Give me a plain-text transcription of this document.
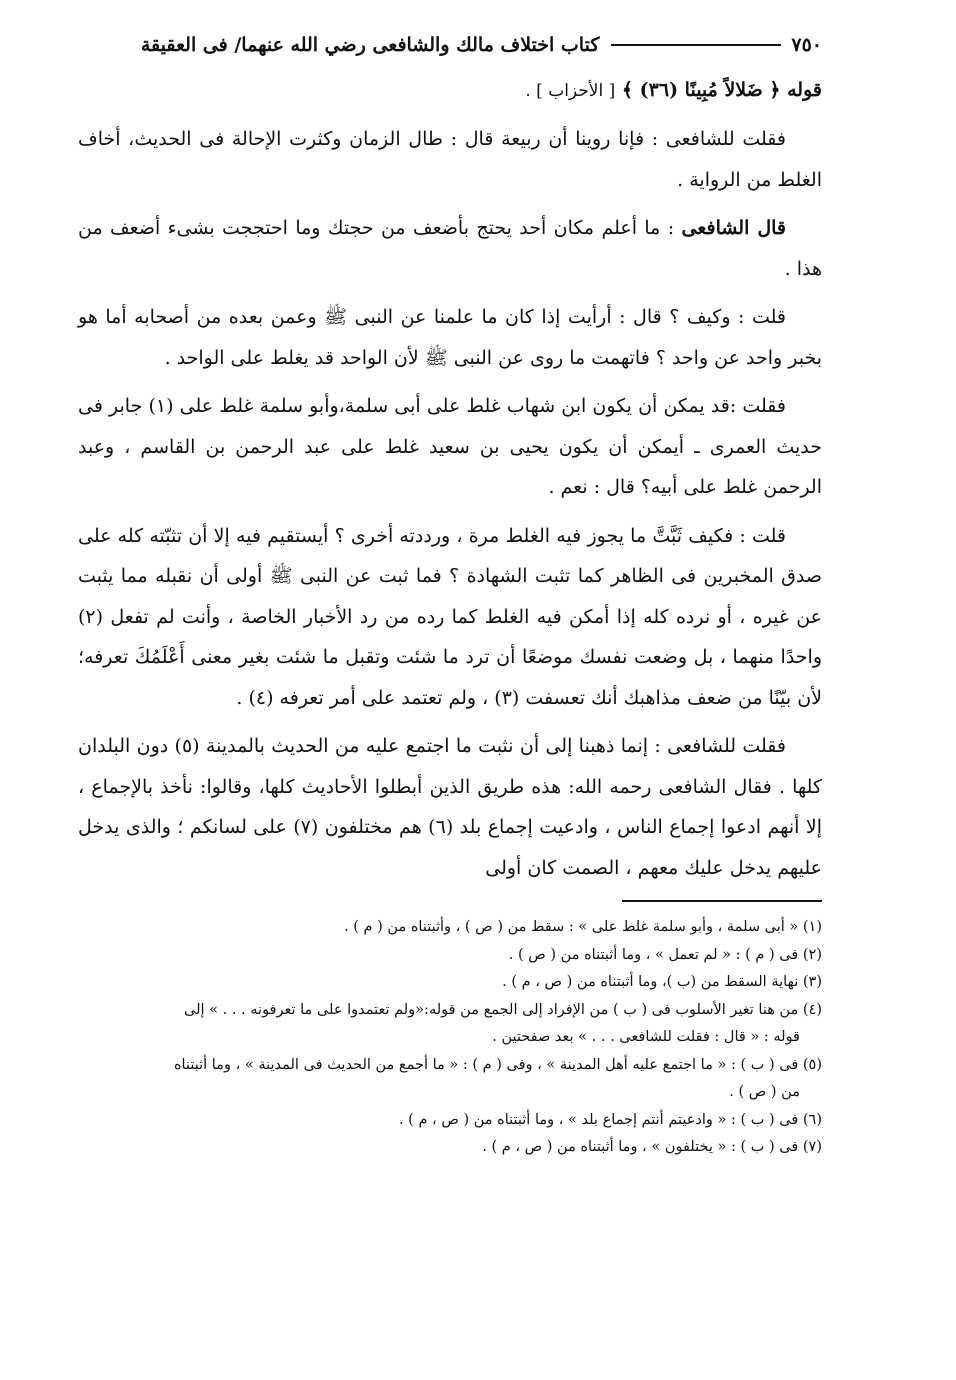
٧٥٠
كتاب اختلاف مالك والشافعى رضي الله عنهما/ فى العقيقة
قوله ﴿ ضَلالاً مُبِينًا (٣٦) ﴾ [ الأحزاب ] .

فقلت للشافعى : فإنا روينا أن ربيعة قال : طال الزمان وكثرت الإحالة فى الحديث، أخاف الغلط من الرواية .

قال الشافعى : ما أعلم مكان أحد يحتج بأضعف من حجتك وما احتججت بشىء أضعف من هذا .

قلت : وكيف ؟ قال : أرأيت إذا كان ما علمنا عن النبى ﷺ وعمن بعده من أصحابه أما هو بخبر واحد عن واحد ؟ فاتهمت ما روى عن النبى ﷺ لأن الواحد قد يغلط على الواحد .

فقلت :قد يمكن أن يكون ابن شهاب غلط على أبى سلمة،وأبو سلمة غلط على (١) جابر فى حديث العمرى ـ أيمكن أن يكون يحيى بن سعيد غلط على عبد الرحمن بن القاسم ، وعبد الرحمن غلط على أبيه؟ قال : نعم .

قلت : فكيف ثَبَّتَّ ما يجوز فيه الغلط مرة ، ورددته أخرى ؟ أيستقيم فيه إلا أن تثبّته كله على صدق المخبرين فى الظاهر كما تثبت الشهادة ؟ فما ثبت عن النبى ﷺ أولى أن نقبله مما يثبت عن غيره ، أو نرده كله إذا أمكن فيه الغلط كما رده من رد الأخبار الخاصة ، وأنت لم تفعل (٢) واحدًا منهما ، بل وضعت نفسك موضعًا أن ترد ما شئت وتقبل ما شئت بغير معنى أَعْلَمُكَ تعرفه؛لأن بيّنًا من ضعف مذاهبك أنك تعسفت (٣) ، ولم تعتمد على أمر تعرفه (٤) .

فقلت للشافعى : إنما ذهبنا إلى أن نثبت ما اجتمع عليه من الحديث بالمدينة (٥) دون البلدان كلها . فقال الشافعى رحمه الله: هذه طريق الذين أبطلوا الأحاديث كلها، وقالوا: نأخذ بالإجماع ، إلا أنهم ادعوا إجماع الناس ، وادعيت إجماع بلد (٦) هم مختلفون (٧) على لسانكم ؛ والذى يدخل عليهم يدخل عليك معهم ، الصمت كان أولى

(١) « أبى سلمة ، وأبو سلمة غلط على » : سقط من ( ص ) ، وأثبتناه من ( م ) .
(٢) فى ( م ) : « لم تعمل » ، وما أثبتناه من ( ص ) .
(٣) نهاية السقط من (ب )، وما أثبتناه من ( ص ، م ) .
(٤) من هنا تغير الأسلوب فى ( ب ) من الإفراد إلى الجمع من قوله:«ولم تعتمدوا على ما تعرفونه . . . » إلى
قوله : « قال : فقلت للشافعى . . . » بعد صفحتين .
(٥) فى ( ب ) : « ما اجتمع عليه أهل المدينة » ، وفى ( م ) : « ما أجمع من الحديث فى المدينة » ، وما أثبتناه
من ( ص ) .
(٦) فى ( ب ) : « وادعيتم أنتم إجماع بلد » ، وما أثبتناه من ( ص ، م ) .
(٧) فى ( ب ) : « يختلفون » ، وما أثبتناه من ( ص ، م ) .
